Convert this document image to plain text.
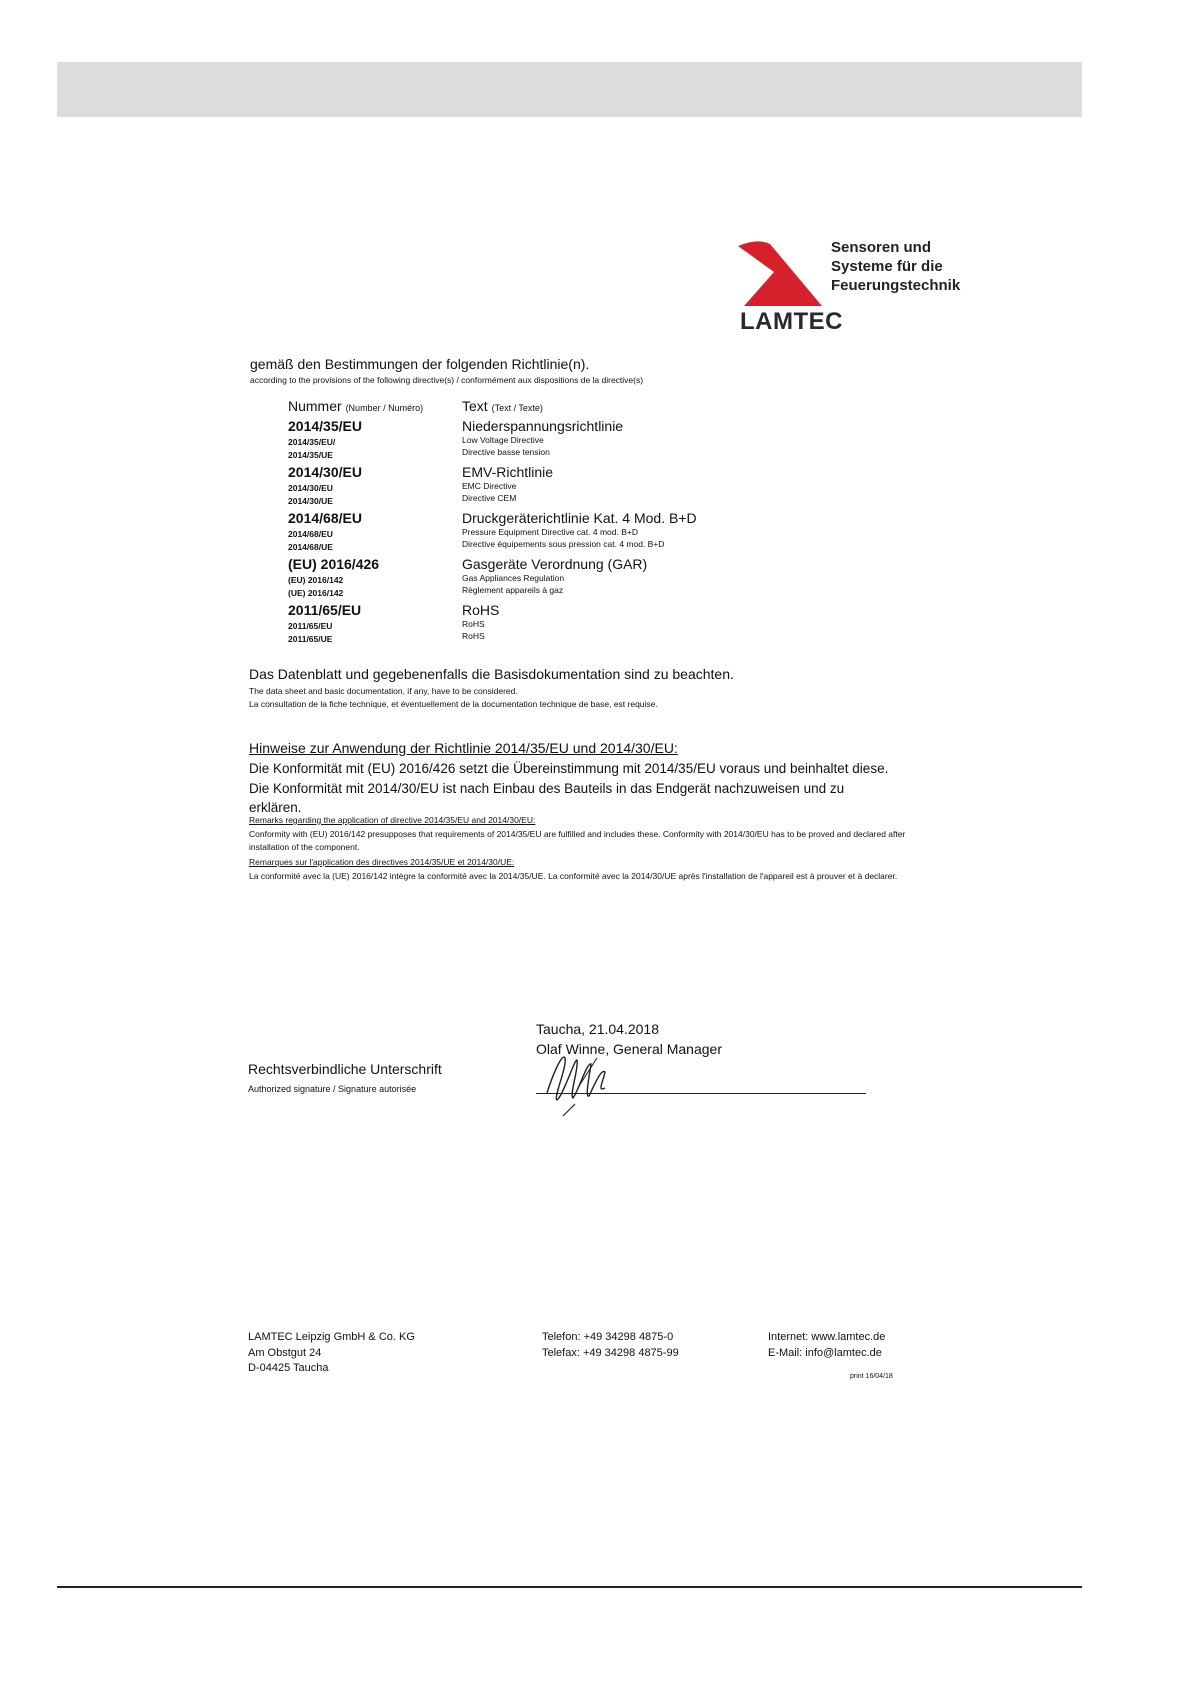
LAMTEC
Sensoren und
Systeme für die
Feuerungstechnik
gemäß den Bestimmungen der folgenden Richtlinie(n).
according to the provisions of the following directive(s) / conformément aux dispositions de la directive(s)
Nummer (Number / Numéro)	Text (Text / Texte)
2014/35/EU
2014/35/EU/
2014/35/UE
Niederspannungsrichtlinie
Low Voltage Directive
Directive basse tension
2014/30/EU
2014/30/EU
2014/30/UE
EMV-Richtlinie
EMC Directive
Directive CEM
2014/68/EU
2014/68/EU
2014/68/UE
Druckgeräterichtlinie Kat. 4 Mod. B+D
Pressure Equipment Directive cat. 4 mod. B+D
Directive équipements sous pression cat. 4 mod. B+D
(EU) 2016/426
(EU) 2016/142
(UE) 2016/142
Gasgeräte Verordnung (GAR)
Gas Appliances Regulation
Règlement appareils à gaz
2011/65/EU
2011/65/EU
2011/65/UE
RoHS
RoHS
RoHS
Das Datenblatt und gegebenenfalls die Basisdokumentation sind zu beachten.
The data sheet and basic documentation, if any, have to be considered.
La consultation de la fiche technique, et éventuellement de la documentation technique de base, est requise.
Hinweise zur Anwendung der Richtlinie 2014/35/EU und 2014/30/EU:
Die Konformität mit (EU) 2016/426 setzt die Übereinstimmung mit 2014/35/EU voraus und beinhaltet diese. Die Konformität mit 2014/30/EU ist nach Einbau des Bauteils in das Endgerät nachzuweisen und zu erklären.
Remarks regarding the application of directive 2014/35/EU and 2014/30/EU:
Conformity with (EU) 2016/142 presupposes that requirements of 2014/35/EU are fulfilled and includes these. Conformity with 2014/30/EU has to be proved and declared after installation of the component.
Remarques sur l'application des directives 2014/35/UE et 2014/30/UE:
La conformité avec la (UE) 2016/142 intègre la conformité avec la 2014/35/UE. La conformité avec la 2014/30/UE après l'installation de l'appareil est à prouver et à declarer.
Rechtsverbindliche Unterschrift
Authorized signature / Signature autorisée
Taucha, 21.04.2018
Olaf Winne, General Manager
LAMTEC Leipzig GmbH & Co. KG
Am Obstgut 24
D-04425 Taucha
Telefon: +49 34298 4875-0
Telefax: +49 34298 4875-99
Internet: www.lamtec.de
E-Mail: info@lamtec.de
print 16/04/18
